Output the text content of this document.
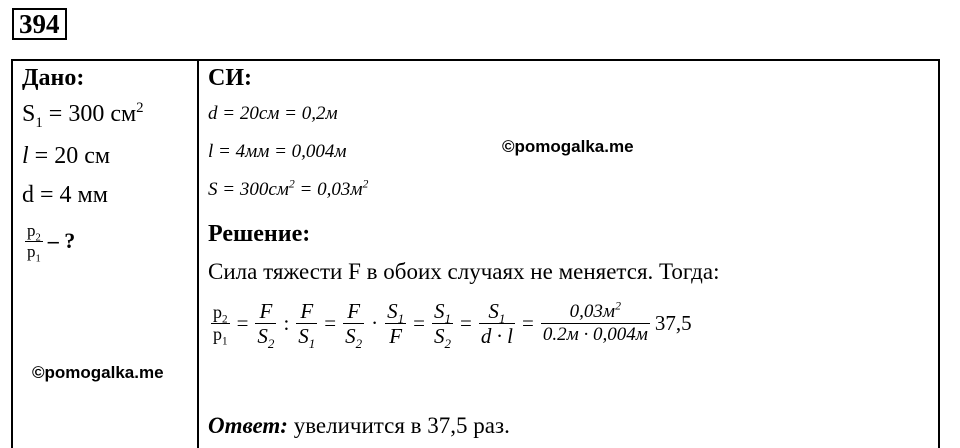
394
Дано:
$S_1 = 300$ $см^2$
l = 20 см
d = 4 мм
$\frac{p_2}{p_1}$ – ?
©pomogalka.me
СИ:
d = 20см = 0,2м
l = 4мм = 0,004м
$S = 300см^2 = 0,03м^2$
©pomogalka.me
Решение:
Сила тяжести F в обоих случаях не меняется. Тогда:
$\frac{p_2}{p_1} = \frac{F}{S_2}$ : $\frac{F}{S_1} = \frac{F}{S_2} \cdot \frac{S_1}{F} = \frac{S_1}{S_2} = \frac{S_1}{d \cdot l} = \frac{0,03м^2}{0.2м \cdot 0,004м} 37,5$
Ответ: увеличится в 37,5 раз.
